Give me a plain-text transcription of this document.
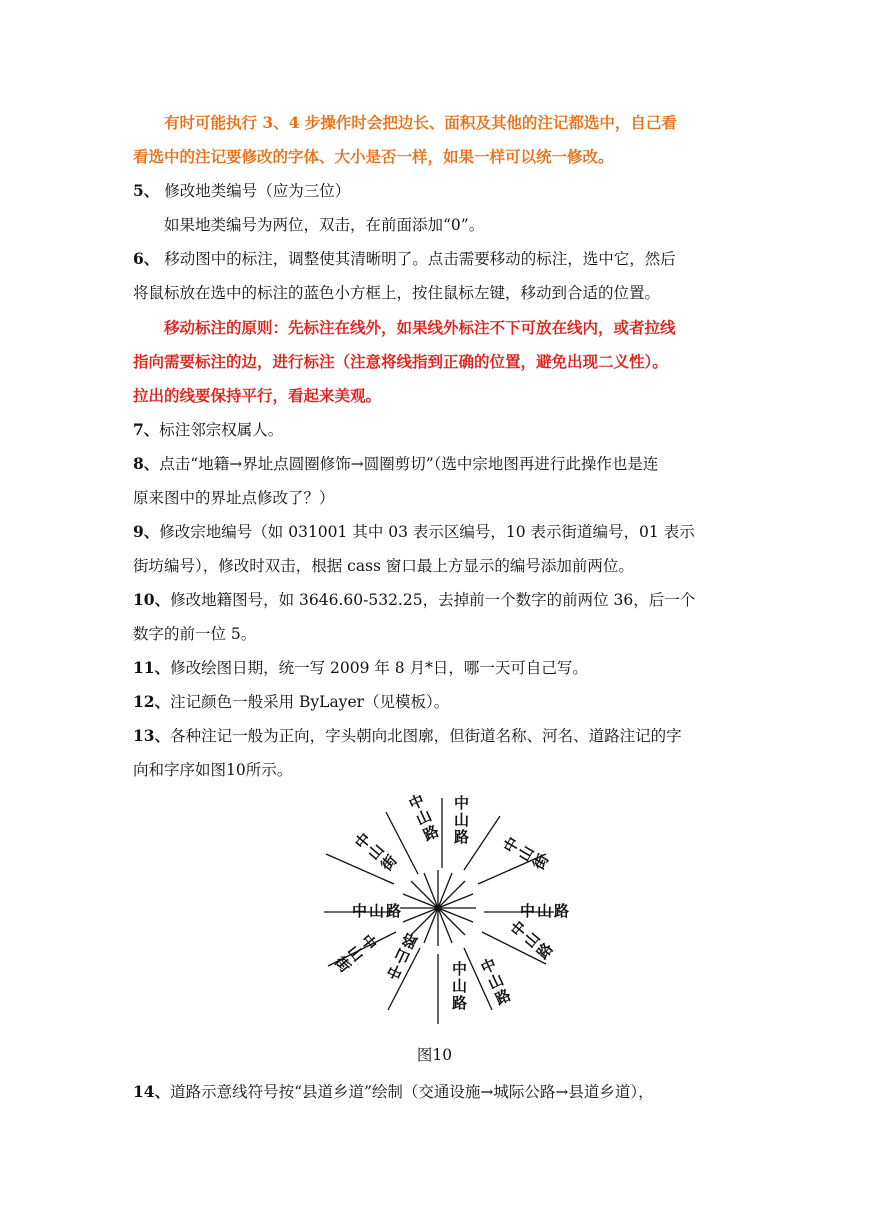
有时可能执行 3、4 步操作时会把边长、面积及其他的注记都选中，自己看

看选中的注记要修改的字体、大小是否一样，如果一样可以统一修改。

5、 修改地类编号（应为三位）

如果地类编号为两位，双击，在前面添加“0”。

6、 移动图中的标注，调整使其清晰明了。点击需要移动的标注，选中它，然后

将鼠标放在选中的标注的蓝色小方框上，按住鼠标左键，移动到合适的位置。

移动标注的原则：先标注在线外，如果线外标注不下可放在线内，或者拉线

指向需要标注的边，进行标注（注意将线指到正确的位置，避免出现二义性）。

拉出的线要保持平行，看起来美观。

7、标注邻宗权属人。

8、点击“地籍→界址点圆圈修饰→圆圈剪切”（选中宗地图再进行此操作也是连

原来图中的界址点修改了？）

9、修改宗地编号（如 031001 其中 03 表示区编号，10 表示街道编号，01 表示

街坊编号），修改时双击，根据 cass 窗口最上方显示的编号添加前两位。

10、修改地籍图号，如 3646.60-532.25，去掉前一个数字的前两位 36，后一个

数字的前一位 5。

11、修改绘图日期，统一写 2009 年 8 月*日，哪一天可自己写。

12、注记颜色一般采用 ByLayer（见模板）。

13、各种注记一般为正向，字头朝向北图廓，但街道名称、河名、道路注记的字

向和字序如图10所示。

中山路
中山路
中山街
中 山 路
中山街	中山路
中山路
中山路
中山路
中 山 路
中山街
图10

14、道路示意线符号按“县道乡道”绘制（交通设施→城际公路→县道乡道），
